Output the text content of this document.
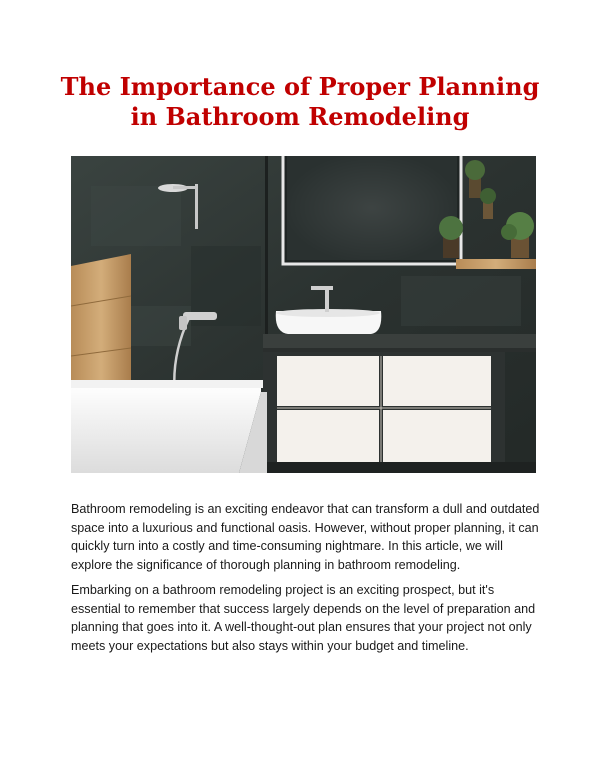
The Importance of Proper Planning
in Bathroom Remodeling

Bathroom remodeling is an exciting endeavor that can transform a dull and outdated space into a luxurious and functional oasis. However, without proper planning, it can quickly turn into a costly and time-consuming nightmare. In this article, we will explore the significance of thorough planning in bathroom remodeling.

Embarking on a bathroom remodeling project is an exciting prospect, but it's essential to remember that success largely depends on the level of preparation and planning that goes into it. A well-thought-out plan ensures that your project not only meets your expectations but also stays within your budget and timeline.
